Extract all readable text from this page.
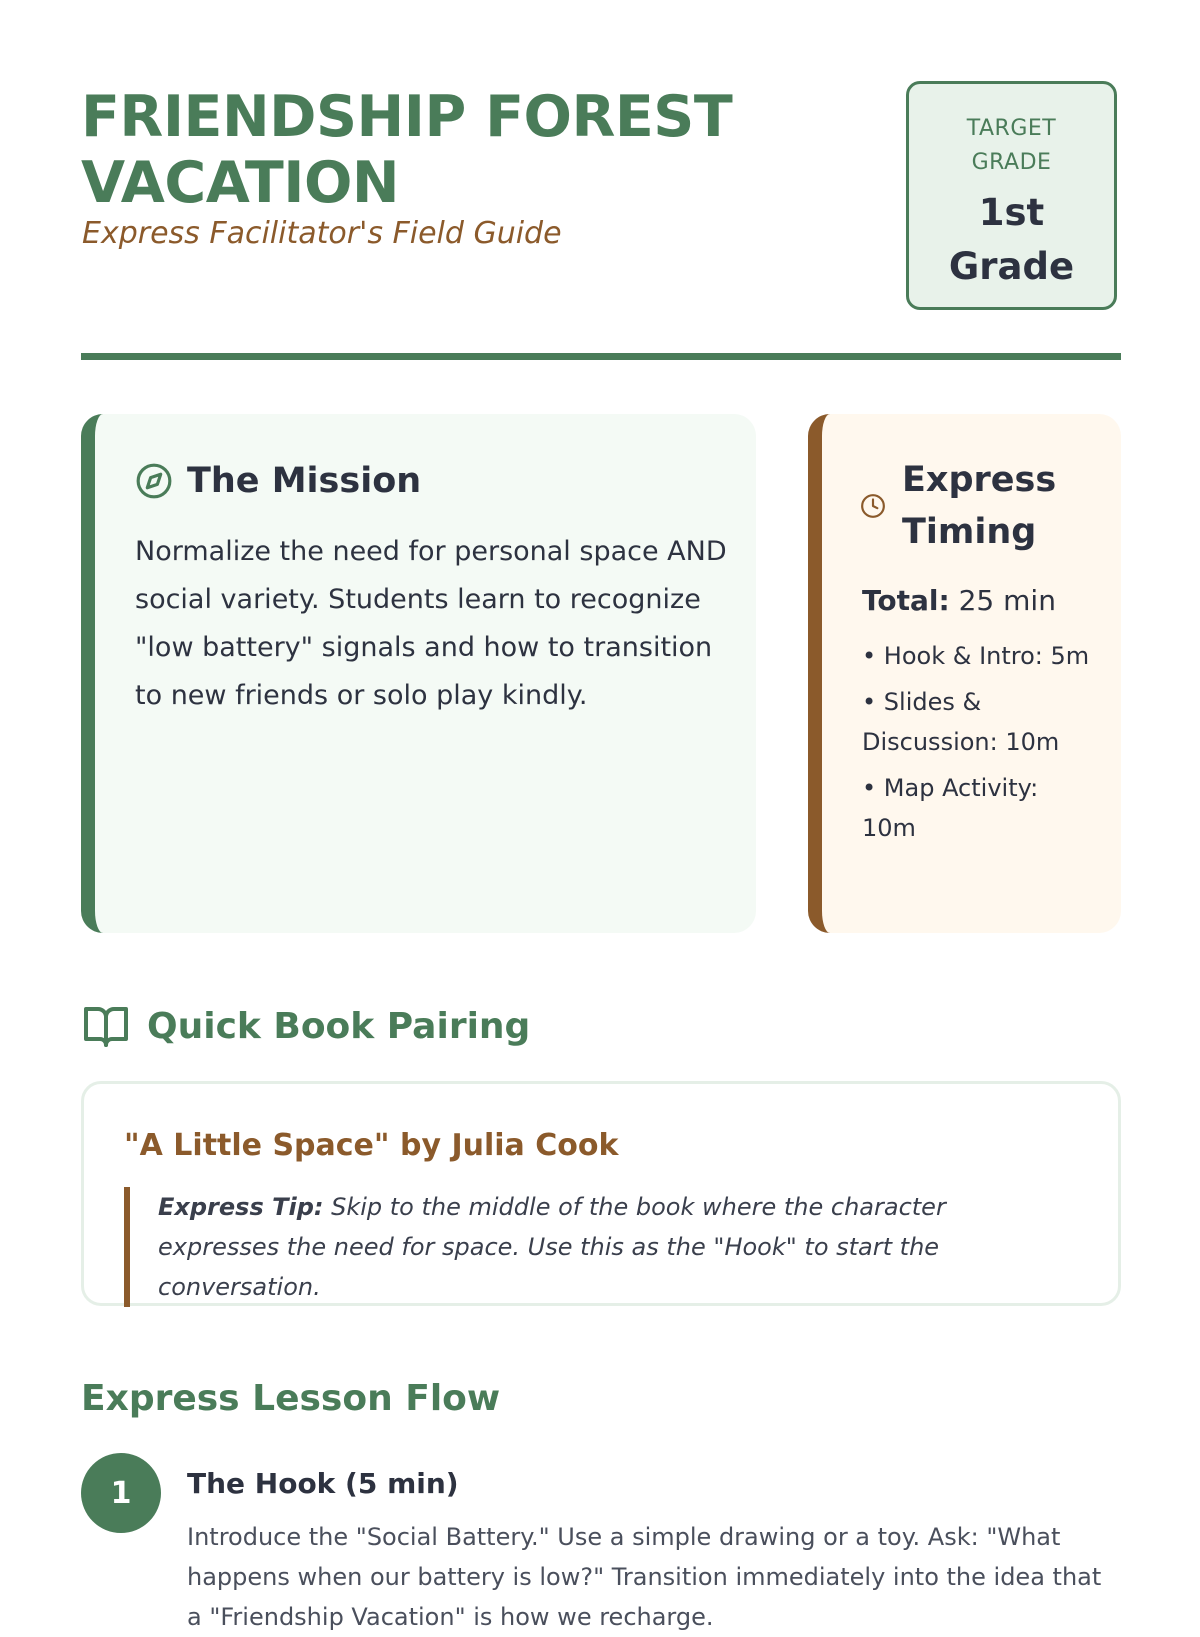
FRIENDSHIP FOREST VACATION
Express Facilitator's Field Guide
TARGET GRADE
1st Grade
The Mission

Normalize the need for personal space AND social variety. Students learn to recognize "low battery" signals and how to transition to new friends or solo play kindly.

Express Timing
Total: 25 min
• Hook & Intro: 5m
• Slides & Discussion: 10m
• Map Activity: 10m
Quick Book Pairing
"A Little Space" by Julia Cook
Express Tip: Skip to the middle of the book where the character expresses the need for space. Use this as the "Hook" to start the conversation.
Express Lesson Flow
1	The Hook (5 min)

Introduce the "Social Battery." Use a simple drawing or a toy. Ask: "What happens when our battery is low?" Transition immediately into the idea that a "Friendship Vacation" is how we recharge.
